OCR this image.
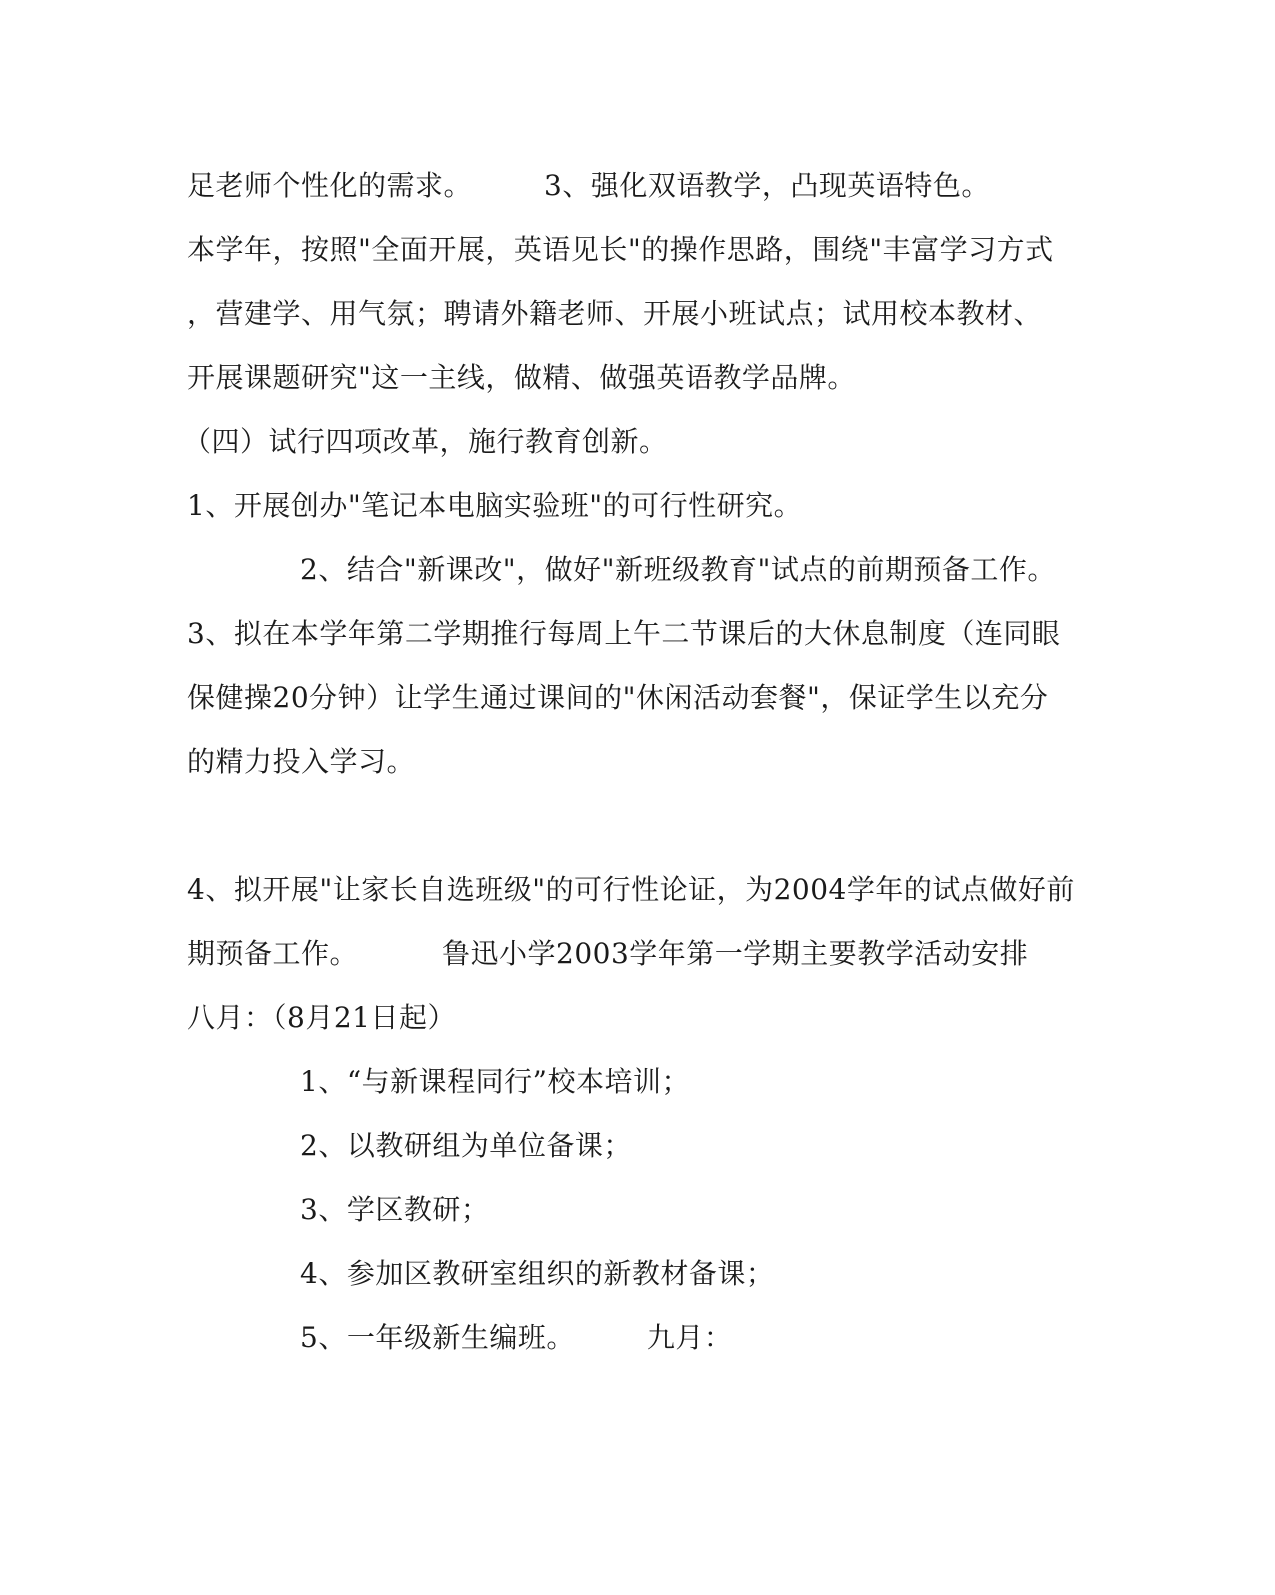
足老师个性化的需求。	3、强化双语教学，凸现英语特色。
本学年，按照"全面开展，英语见长"的操作思路，围绕"丰富学习方式
，营建学、用气氛；聘请外籍老师、开展小班试点；试用校本教材、
开展课题研究"这一主线，做精、做强英语教学品牌。
（四）试行四项改革，施行教育创新。
1、开展创办"笔记本电脑实验班"的可行性研究。
2、结合"新课改"，做好"新班级教育"试点的前期预备工作。
3、拟在本学年第二学期推行每周上午二节课后的大休息制度（连同眼
保健操20分钟）让学生通过课间的"休闲活动套餐"，保证学生以充分
的精力投入学习。
4、拟开展"让家长自选班级"的可行性论证，为2004学年的试点做好前
期预备工作。	鲁迅小学2003学年第一学期主要教学活动安排
八月：（8月21日起）
1、“与新课程同行”校本培训；
2、以教研组为单位备课；
3、学区教研；
4、参加区教研室组织的新教材备课；
5、一年级新生编班。	九月：
